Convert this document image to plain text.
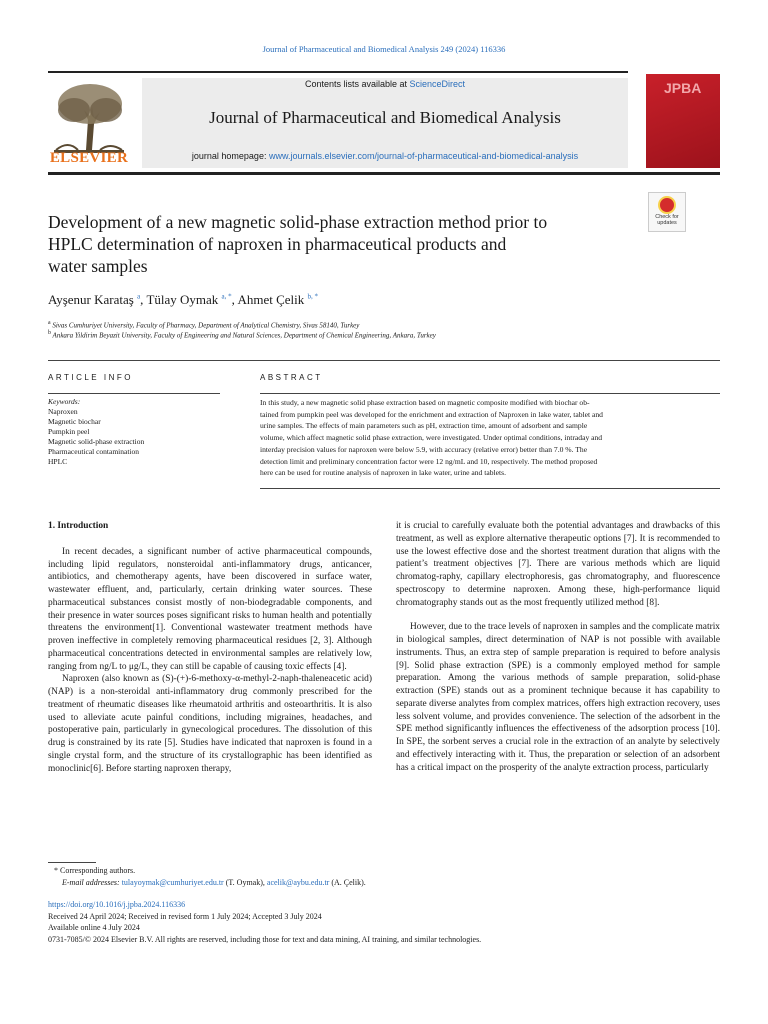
Journal of Pharmaceutical and Biomedical Analysis 249 (2024) 116336
ELSEVIER
Contents lists available at ScienceDirect
Journal of Pharmaceutical and Biomedical Analysis
journal homepage: www.journals.elsevier.com/journal-of-pharmaceutical-and-biomedical-analysis
JPBA
Check for updates
Development of a new magnetic solid-phase extraction method prior to
HPLC determination of naproxen in pharmaceutical products and
water samples
Ayşenur Karataş $^a$, Tülay Oymak $^{a, *}$, Ahmet Çelik $^{b, *}$
$^a$ Sivas Cumhuriyet University, Faculty of Pharmacy, Department of Analytical Chemistry, Sivas 58140, Turkey
$^b$ Ankara Yildirim Beyazit University, Faculty of Engineering and Natural Sciences, Department of Chemical Engineering, Ankara, Turkey
ARTICLE INFO	ABSTRACT
Keywords:
Naproxen
Magnetic biochar
Pumpkin peel
Magnetic solid-phase extraction
Pharmaceutical contamination
HPLC
In this study, a new magnetic solid phase extraction based on magnetic composite modified with biochar ob-
tained from pumpkin peel was developed for the enrichment and extraction of Naproxen in lake water, tablet and
urine samples. The effects of main parameters such as pH, extraction time, amount of adsorbent and sample
volume, which affect magnetic solid phase extraction, were investigated. Under optimal conditions, intraday and
interday precision values for naproxen were below 5.9, with accuracy (relative error) better than 7.0 %. The
detection limit and preliminary concentration factor were 12 ng/mL and 10, respectively. The method proposed
here can be used for routine analysis of naproxen in lake water, urine and tablets.

1. Introduction

In recent decades, a significant number of active pharmaceutical compounds, including lipid regulators, nonsteroidal anti-inflammatory drugs, anticancer, antibiotics, and chemotherapy agents, have been discovered in surface water, wastewater effluent, and, particularly, certain drinking water sources. These pharmaceutical substances consist mostly of non-biodegradable components, and their presence in water sources poses significant risks to human health and potentially threatens the environment[1]. Conventional wastewater treatment methods have proven ineffective in completely removing pharmaceutical residues [2, 3]. Although pharmaceutical concentrations detected in environmental samples are relatively low, ranging from ng/L to μg/L, they can still be capable of causing toxic effects [4].

Naproxen (also known as (S)-(+)-6-methoxy-α-methyl-2-naph-thaleneacetic acid) (NAP) is a non-steroidal anti-inflammatory drug commonly prescribed for the treatment of rheumatic diseases like rheumatoid arthritis and osteoarthritis. It is also used to alleviate acute painful conditions, including migraines, headaches, and postoperative pain, particularly in gynecological procedures. The dissolution of this drug is constrained by its rate [5]. Studies have indicated that naproxen is found in a single crystal form, and the structure of its crystallographic has been identified as monoclinic[6]. Before starting naproxen therapy,

it is crucial to carefully evaluate both the potential advantages and drawbacks of this treatment, as well as explore alternative therapeutic options [7]. It is recommended to use the lowest effective dose and the shortest treatment duration that aligns with the patient’s treatment objectives [7]. There are various methods which are liquid chromatog-raphy, capillary electrophoresis, gas chromatography, and fluorescence spectroscopy to determine naproxen. Among these, high-performance liquid chromatography stands out as the most frequently utilized method [8].

However, due to the trace levels of naproxen in samples and the complicate matrix in biological samples, direct determination of NAP is not possible with available instruments. Thus, an extra step of sample preparation is required to before analysis [9]. Solid phase extraction (SPE) is a commonly employed method for sample preparation. Among the various methods of sample preparation, solid-phase extraction (SPE) stands out as a prominent technique because it has capability to separate diverse analytes from complex matrices, offers high extraction recovery, uses less solvent volume, and provides convenience. The selection of the adsorbent in the SPE method significantly influences the effectiveness of the adsorption process [10]. In SPE, the sorbent serves a crucial role in the extraction of an analyte by selectively and effectively interacting with it. Thus, the preparation or selection of an adsorbent has a critical impact on the prosperity of the analyte extraction process, particularly

* Corresponding authors.
E-mail addresses: tulayoymak@cumhuriyet.edu.tr (T. Oymak), acelik@aybu.edu.tr (A. Çelik).
https://doi.org/10.1016/j.jpba.2024.116336
Received 24 April 2024; Received in revised form 1 July 2024; Accepted 3 July 2024
Available online 4 July 2024
0731-7085/© 2024 Elsevier B.V. All rights are reserved, including those for text and data mining, AI training, and similar technologies.
